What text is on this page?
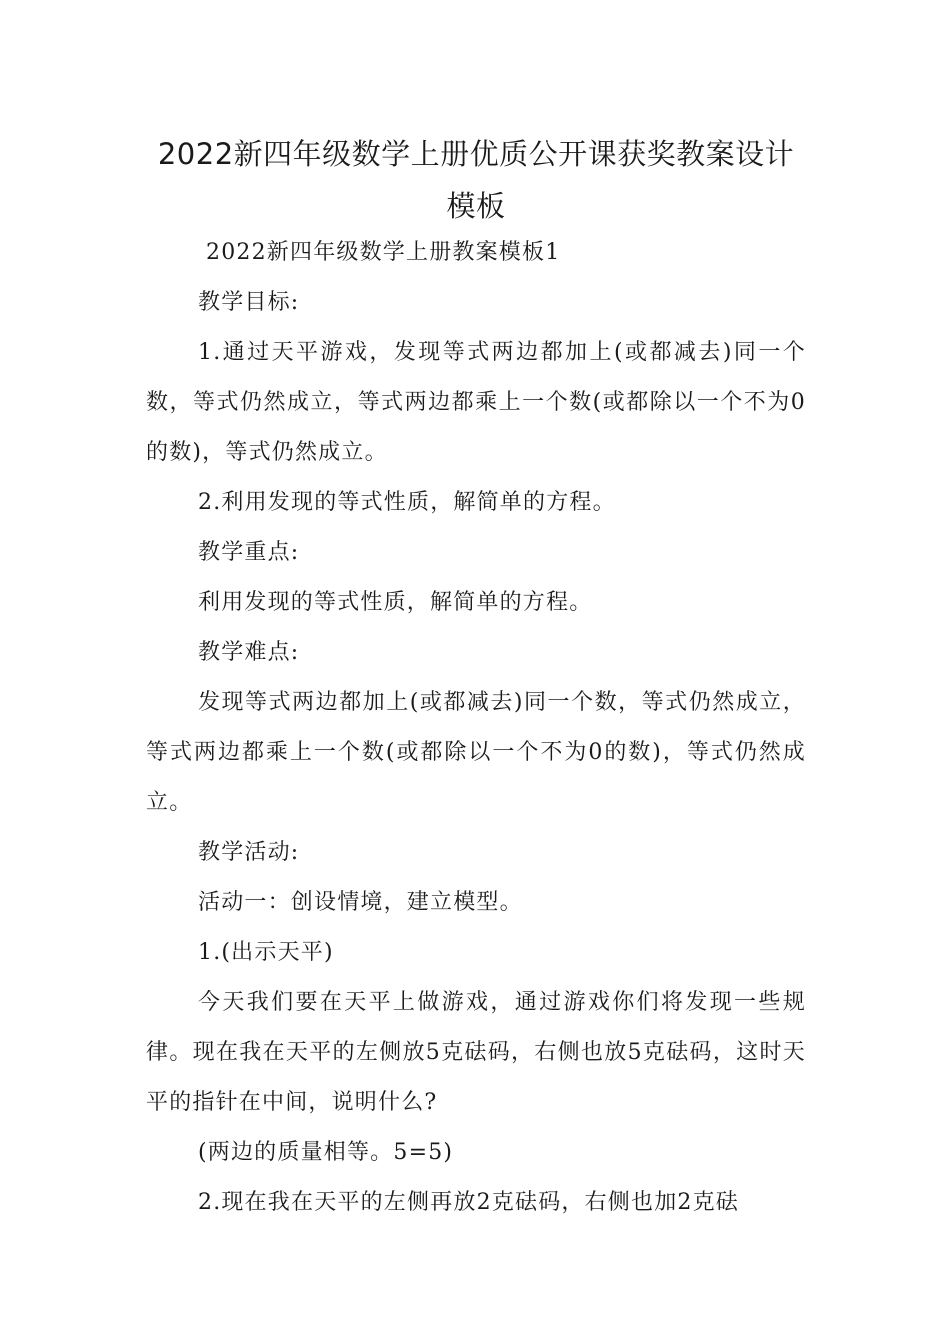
2022新四年级数学上册优质公开课获奖教案设计模板

2022新四年级数学上册教案模板1

教学目标:

1.通过天平游戏，发现等式两边都加上(或都减去)同一个数，等式仍然成立，等式两边都乘上一个数(或都除以一个不为0的数)，等式仍然成立。

2.利用发现的等式性质，解简单的方程。

教学重点:

利用发现的等式性质，解简单的方程。

教学难点:

发现等式两边都加上(或都减去)同一个数，等式仍然成立，等式两边都乘上一个数(或都除以一个不为0的数)，等式仍然成立。

教学活动:

活动一：创设情境，建立模型。

1.(出示天平)

今天我们要在天平上做游戏，通过游戏你们将发现一些规律。现在我在天平的左侧放5克砝码，右侧也放5克砝码，这时天平的指针在中间，说明什么?

(两边的质量相等。5=5)

2.现在我在天平的左侧再放2克砝码，右侧也加2克砝
